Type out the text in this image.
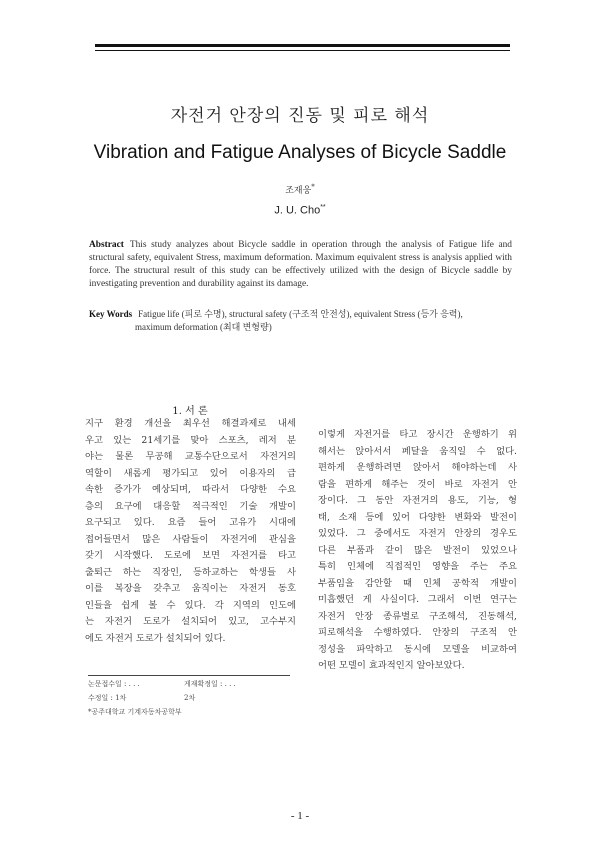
자전거 안장의 진동 및 피로 해석
Vibration and Fatigue Analyses of Bicycle Saddle
조재웅*
J. U. Cho**
Abstract This study analyzes about Bicycle saddle in operation through the analysis of Fatigue life and structural safety, equivalent Stress, maximum deformation. Maximum equivalent stress is analysis applied with force. The structural result of this study can be effectively utilized with the design of Bicycle saddle by investigating prevention and durability against its damage.
Key Words Fatigue life (피로 수명), structural safety (구조적 안전성), equivalent Stress (등가 응력),
maximum deformation (최대 변형량)
1. 서 론
지구 환경 개선을 최우선 해결과제로 내세
우고 있는 21세기를 맞아 스포츠, 레저 분
야는 물론 무공해 교통수단으로서 자전거의
역할이 새롭게 평가되고 있어 이용자의 급
속한 증가가 예상되며, 따라서 다양한 수요
층의 요구에 대응할 적극적인 기술 개발이
요구되고 있다. 요즘 들어 고유가 시대에
접어들면서 많은 사람들이 자전거에 관심을
갖기 시작했다. 도로에 보면 자전거를 타고
출퇴근 하는 직장인, 등하교하는 학생들 사
이를 복장을 갖추고 움직이는 자전거 동호
인들을 쉽게 볼 수 있다. 각 지역의 인도에
는 자전거 도로가 설치되어 있고, 고수부지
에도 자전거 도로가 설치되어 있다.
이렇게 자전거를 타고 장시간 운행하기 위
해서는 앉아서서 페달을 움직일 수 없다.
편하게 운행하려면 앉아서 해야하는데 사
람을 편하게 해주는 것이 바로 자전거 안
장이다. 그 동안 자전거의 용도, 기능, 형
태, 소재 등에 있어 다양한 변화와 발전이
있었다. 그 중에서도 자전거 안장의 경우도
다른 부품과 같이 많은 발전이 있었으나
특히 인체에 직접적인 영향을 주는 주요
부품임을 감안할 때 인체 공학적 개발이
미흡했던 게 사실이다. 그래서 이번 연구는
자전거 안장 종류별로 구조해석, 진동해석,
피로해석을 수행하였다. 안장의 구조적 안
정성을 파악하고 동시에 모델을 비교하여
어떤 모델이 효과적인지 알아보았다.
논문접수일 : . . .	게재확정일 : . . .
수정일 : 1차	2차
*공주대학교 기계자동차공학부
- 1 -
